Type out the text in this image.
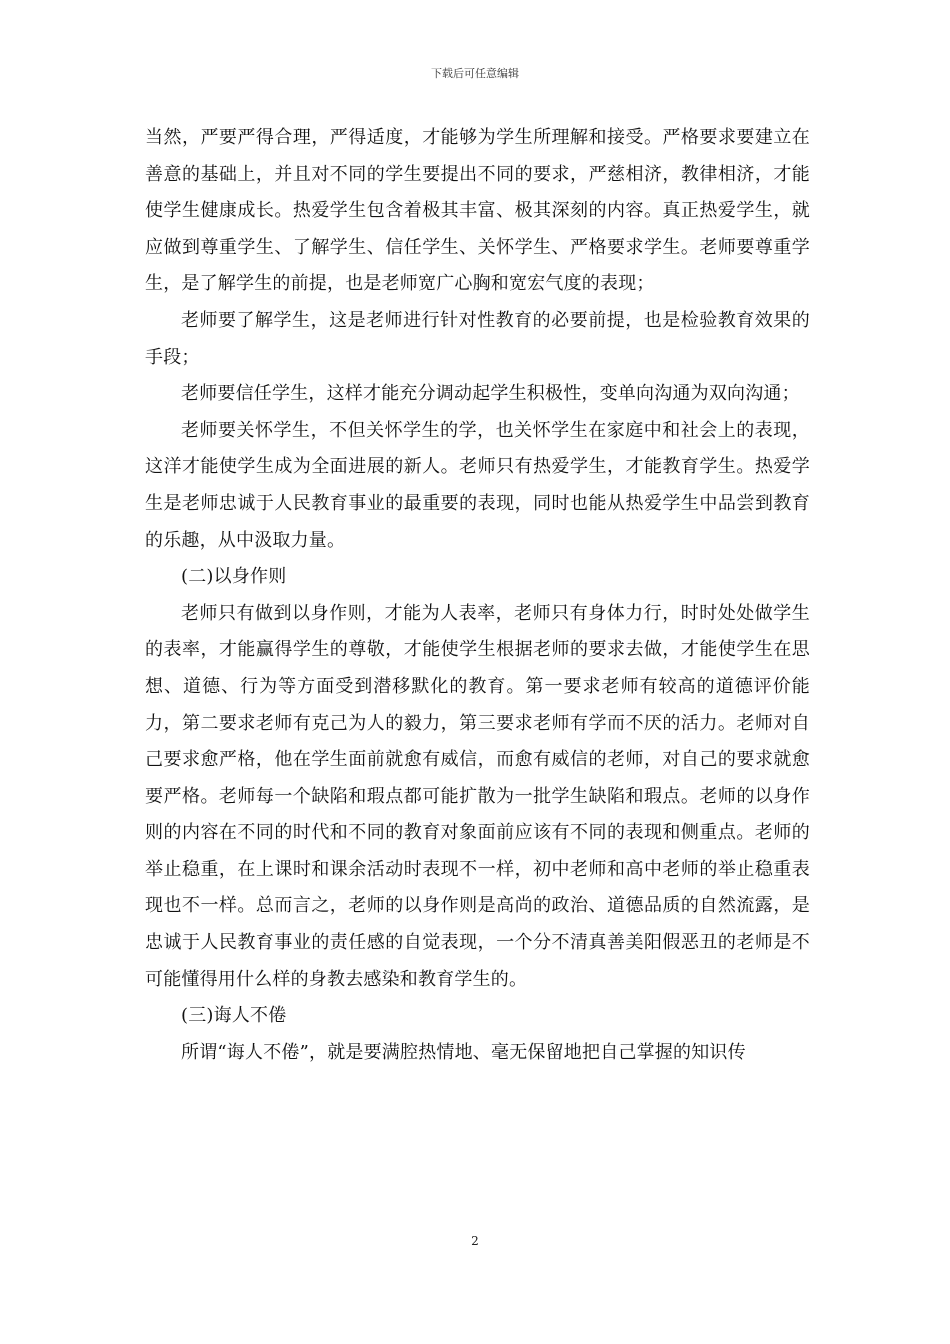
下载后可任意编辑

当然，严要严得合理，严得适度，才能够为学生所理解和接受。严格要求要建立在善意的基础上，并且对不同的学生要提出不同的要求，严慈相济，教律相济，才能使学生健康成长。热爱学生包含着极其丰富、极其深刻的内容。真正热爱学生，就应做到尊重学生、了解学生、信任学生、关怀学生、严格要求学生。老师要尊重学生，是了解学生的前提，也是老师宽广心胸和宽宏气度的表现；

老师要了解学生，这是老师进行针对性教育的必要前提，也是检验教育效果的手段；

老师要信任学生，这样才能充分调动起学生积极性，变单向沟通为双向沟通；

老师要关怀学生，不但关怀学生的学，也关怀学生在家庭中和社会上的表现，这洋才能使学生成为全面进展的新人。老师只有热爱学生，才能教育学生。热爱学生是老师忠诚于人民教育事业的最重要的表现，同时也能从热爱学生中品尝到教育的乐趣，从中汲取力量。

(二)以身作则

老师只有做到以身作则，才能为人表率，老师只有身体力行，时时处处做学生的表率，才能赢得学生的尊敬，才能使学生根据老师的要求去做，才能使学生在思想、道德、行为等方面受到潜移默化的教育。第一要求老师有较高的道德评价能力，第二要求老师有克己为人的毅力，第三要求老师有学而不厌的活力。老师对自己要求愈严格，他在学生面前就愈有威信，而愈有威信的老师，对自己的要求就愈要严格。老师每一个缺陷和瑕点都可能扩散为一批学生缺陷和瑕点。老师的以身作则的内容在不同的时代和不同的教育对象面前应该有不同的表现和侧重点。老师的举止稳重，在上课时和课余活动时表现不一样，初中老师和高中老师的举止稳重表现也不一样。总而言之，老师的以身作则是高尚的政治、道德品质的自然流露，是忠诚于人民教育事业的责任感的自觉表现，一个分不清真善美阳假恶丑的老师是不可能懂得用什么样的身教去感染和教育学生的。

(三)诲人不倦

所谓“诲人不倦”，就是要满腔热情地、毫无保留地把自己掌握的知识传

2
